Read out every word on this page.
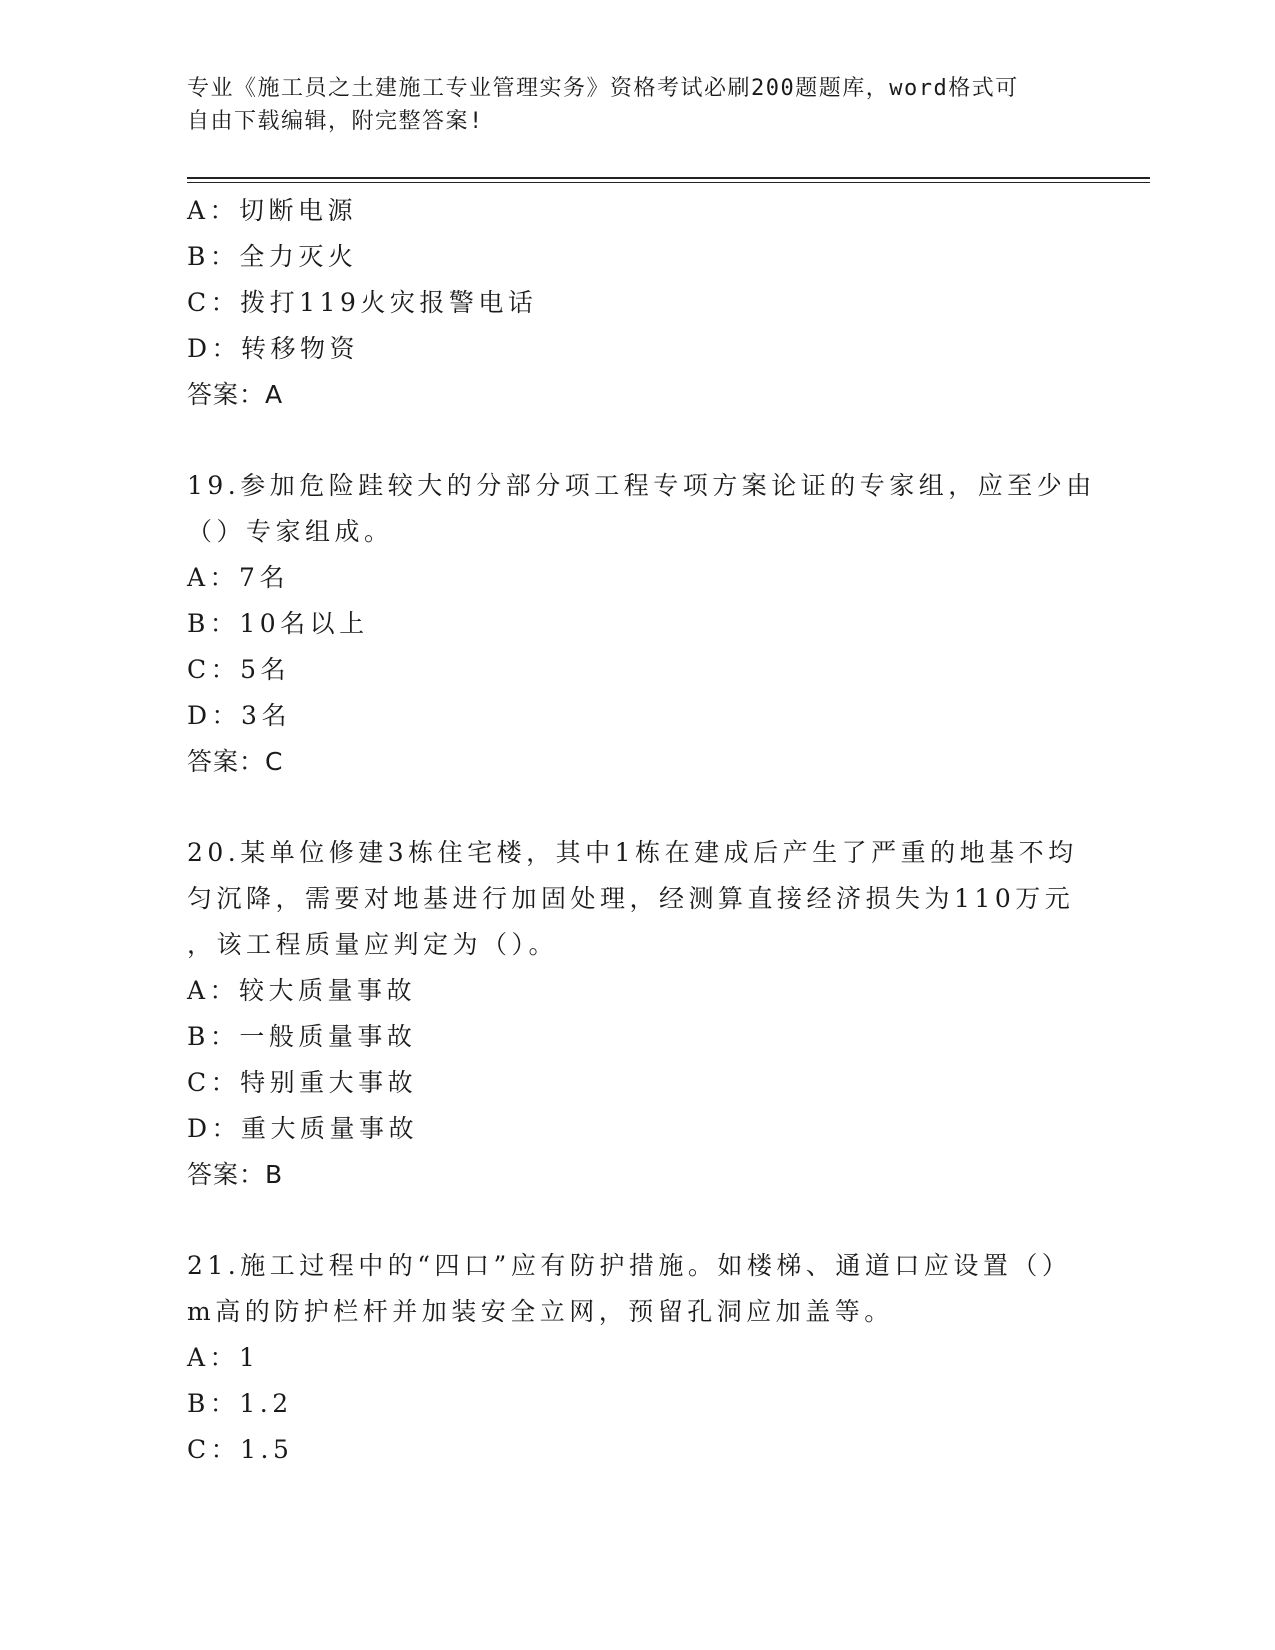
专业《施工员之土建施工专业管理实务》资格考试必刷200题题库，word格式可
自由下载编辑，附完整答案!
A：切断电源
B：全力灭火
C：拨打119火灾报警电话
D：转移物资
答案：A
19.参加危险跬较大的分部分项工程专项方案论证的专家组，应至少由
（）专家组成。
A：7名
B：10名以上
C：5名
D：3名
答案：C
20.某单位修建3栋住宅楼，其中1栋在建成后产生了严重的地基不均
匀沉降，需要对地基进行加固处理，经测算直接经济损失为110万元
，该工程质量应判定为（）。
A：较大质量事故
B：一般质量事故
C：特别重大事故
D：重大质量事故
答案：B
21.施工过程中的“四口”应有防护措施。如楼梯、通道口应设置（）
m高的防护栏杆并加装安全立网，预留孔洞应加盖等。
A：1
B：1.2
C：1.5
